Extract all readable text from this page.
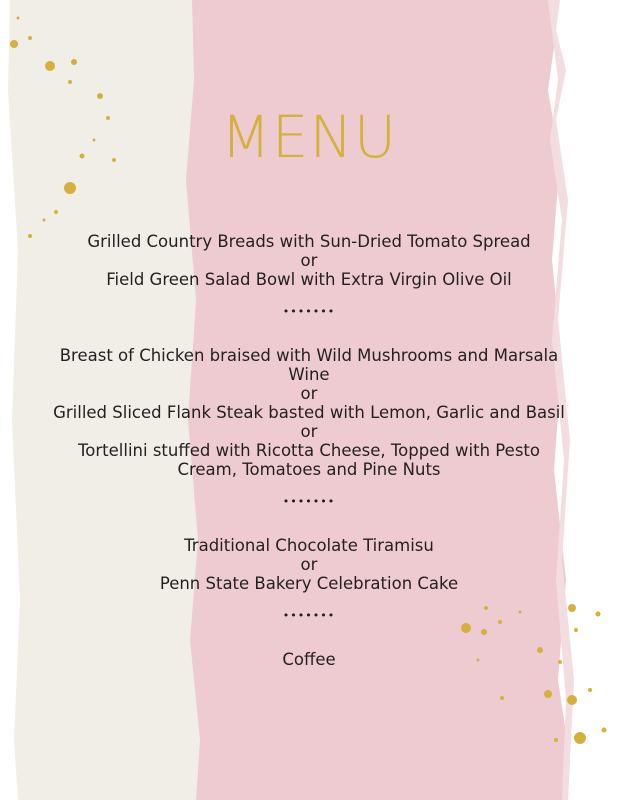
MENU
Grilled Country Breads with Sun-Dried Tomato Spread
or
Field Green Salad Bowl with Extra Virgin Olive Oil
•••••••
Breast of Chicken braised with Wild Mushrooms and Marsala
Wine
or
Grilled Sliced Flank Steak basted with Lemon, Garlic and Basil
or
Tortellini stuffed with Ricotta Cheese, Topped with Pesto
Cream, Tomatoes and Pine Nuts
•••••••
Traditional Chocolate Tiramisu
or
Penn State Bakery Celebration Cake
•••••••
Coffee
